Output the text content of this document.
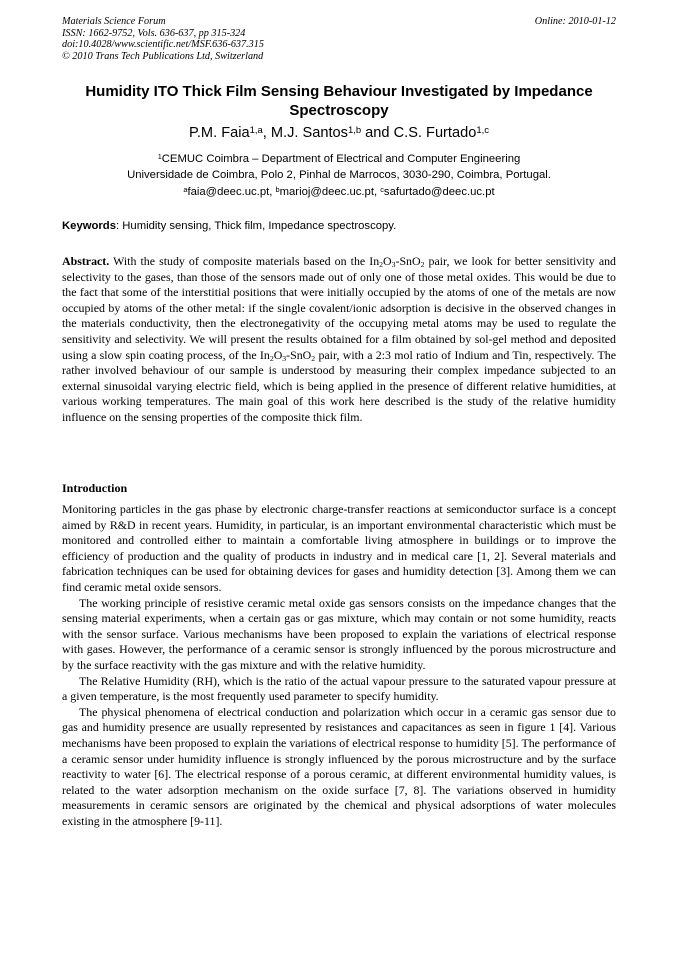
Materials Science Forum
ISSN: 1662-9752, Vols. 636-637, pp 315-324
doi:10.4028/www.scientific.net/MSF.636-637.315
© 2010 Trans Tech Publications Ltd, Switzerland
Online: 2010-01-12
Humidity ITO Thick Film Sensing Behaviour Investigated by Impedance Spectroscopy
P.M. Faia$^{1,a}$, M.J. Santos$^{1,b}$ and C.S. Furtado$^{1,c}$
$^1$CEMUC Coimbra – Department of Electrical and Computer Engineering
Universidade de Coimbra, Polo 2, Pinhal de Marrocos, 3030-290, Coimbra, Portugal.
$^a$faia@deec.uc.pt, $^b$marioj@deec.uc.pt, $^c$safurtado@deec.uc.pt
Keywords: Humidity sensing, Thick film, Impedance spectroscopy.
Abstract. With the study of composite materials based on the $In_2O_3-SnO_2$ pair, we look for better sensitivity and selectivity to the gases, than those of the sensors made out of only one of those metal oxides. This would be due to the fact that some of the interstitial positions that were initially occupied by the atoms of one of the metals are now occupied by atoms of the other metal: if the single covalent/ionic adsorption is decisive in the observed changes in the materials conductivity, then the electronegativity of the occupying metal atoms may be used to regulate the sensitivity and selectivity. We will present the results obtained for a film obtained by sol-gel method and deposited using a slow spin coating process, of the $In_2O_3-SnO_2$ pair, with a 2:3 mol ratio of Indium and Tin, respectively. The rather involved behaviour of our sample is understood by measuring their complex impedance subjected to an external sinusoidal varying electric field, which is being applied in the presence of different relative humidities, at various working temperatures. The main goal of this work here described is the study of the relative humidity influence on the sensing properties of the composite thick film.
Introduction

Monitoring particles in the gas phase by electronic charge-transfer reactions at semiconductor surface is a concept aimed by R&D in recent years. Humidity, in particular, is an important environmental characteristic which must be monitored and controlled either to maintain a comfortable living atmosphere in buildings or to improve the efficiency of production and the quality of products in industry and in medical care [1, 2]. Several materials and fabrication techniques can be used for obtaining devices for gases and humidity detection [3]. Among them we can find ceramic metal oxide sensors.

The working principle of resistive ceramic metal oxide gas sensors consists on the impedance changes that the sensing material experiments, when a certain gas or gas mixture, which may contain or not some humidity, reacts with the sensor surface. Various mechanisms have been proposed to explain the variations of electrical response with gases. However, the performance of a ceramic sensor is strongly influenced by the porous microstructure and by the surface reactivity with the gas mixture and with the relative humidity.

The Relative Humidity (RH), which is the ratio of the actual vapour pressure to the saturated vapour pressure at a given temperature, is the most frequently used parameter to specify humidity.

The physical phenomena of electrical conduction and polarization which occur in a ceramic gas sensor due to gas and humidity presence are usually represented by resistances and capacitances as seen in figure 1 [4]. Various mechanisms have been proposed to explain the variations of electrical response to humidity [5]. The performance of a ceramic sensor under humidity influence is strongly influenced by the porous microstructure and by the surface reactivity to water [6]. The electrical response of a porous ceramic, at different environmental humidity values, is related to the water adsorption mechanism on the oxide surface [7, 8]. The variations observed in humidity measurements in ceramic sensors are originated by the chemical and physical adsorptions of water molecules existing in the atmosphere [9-11].
